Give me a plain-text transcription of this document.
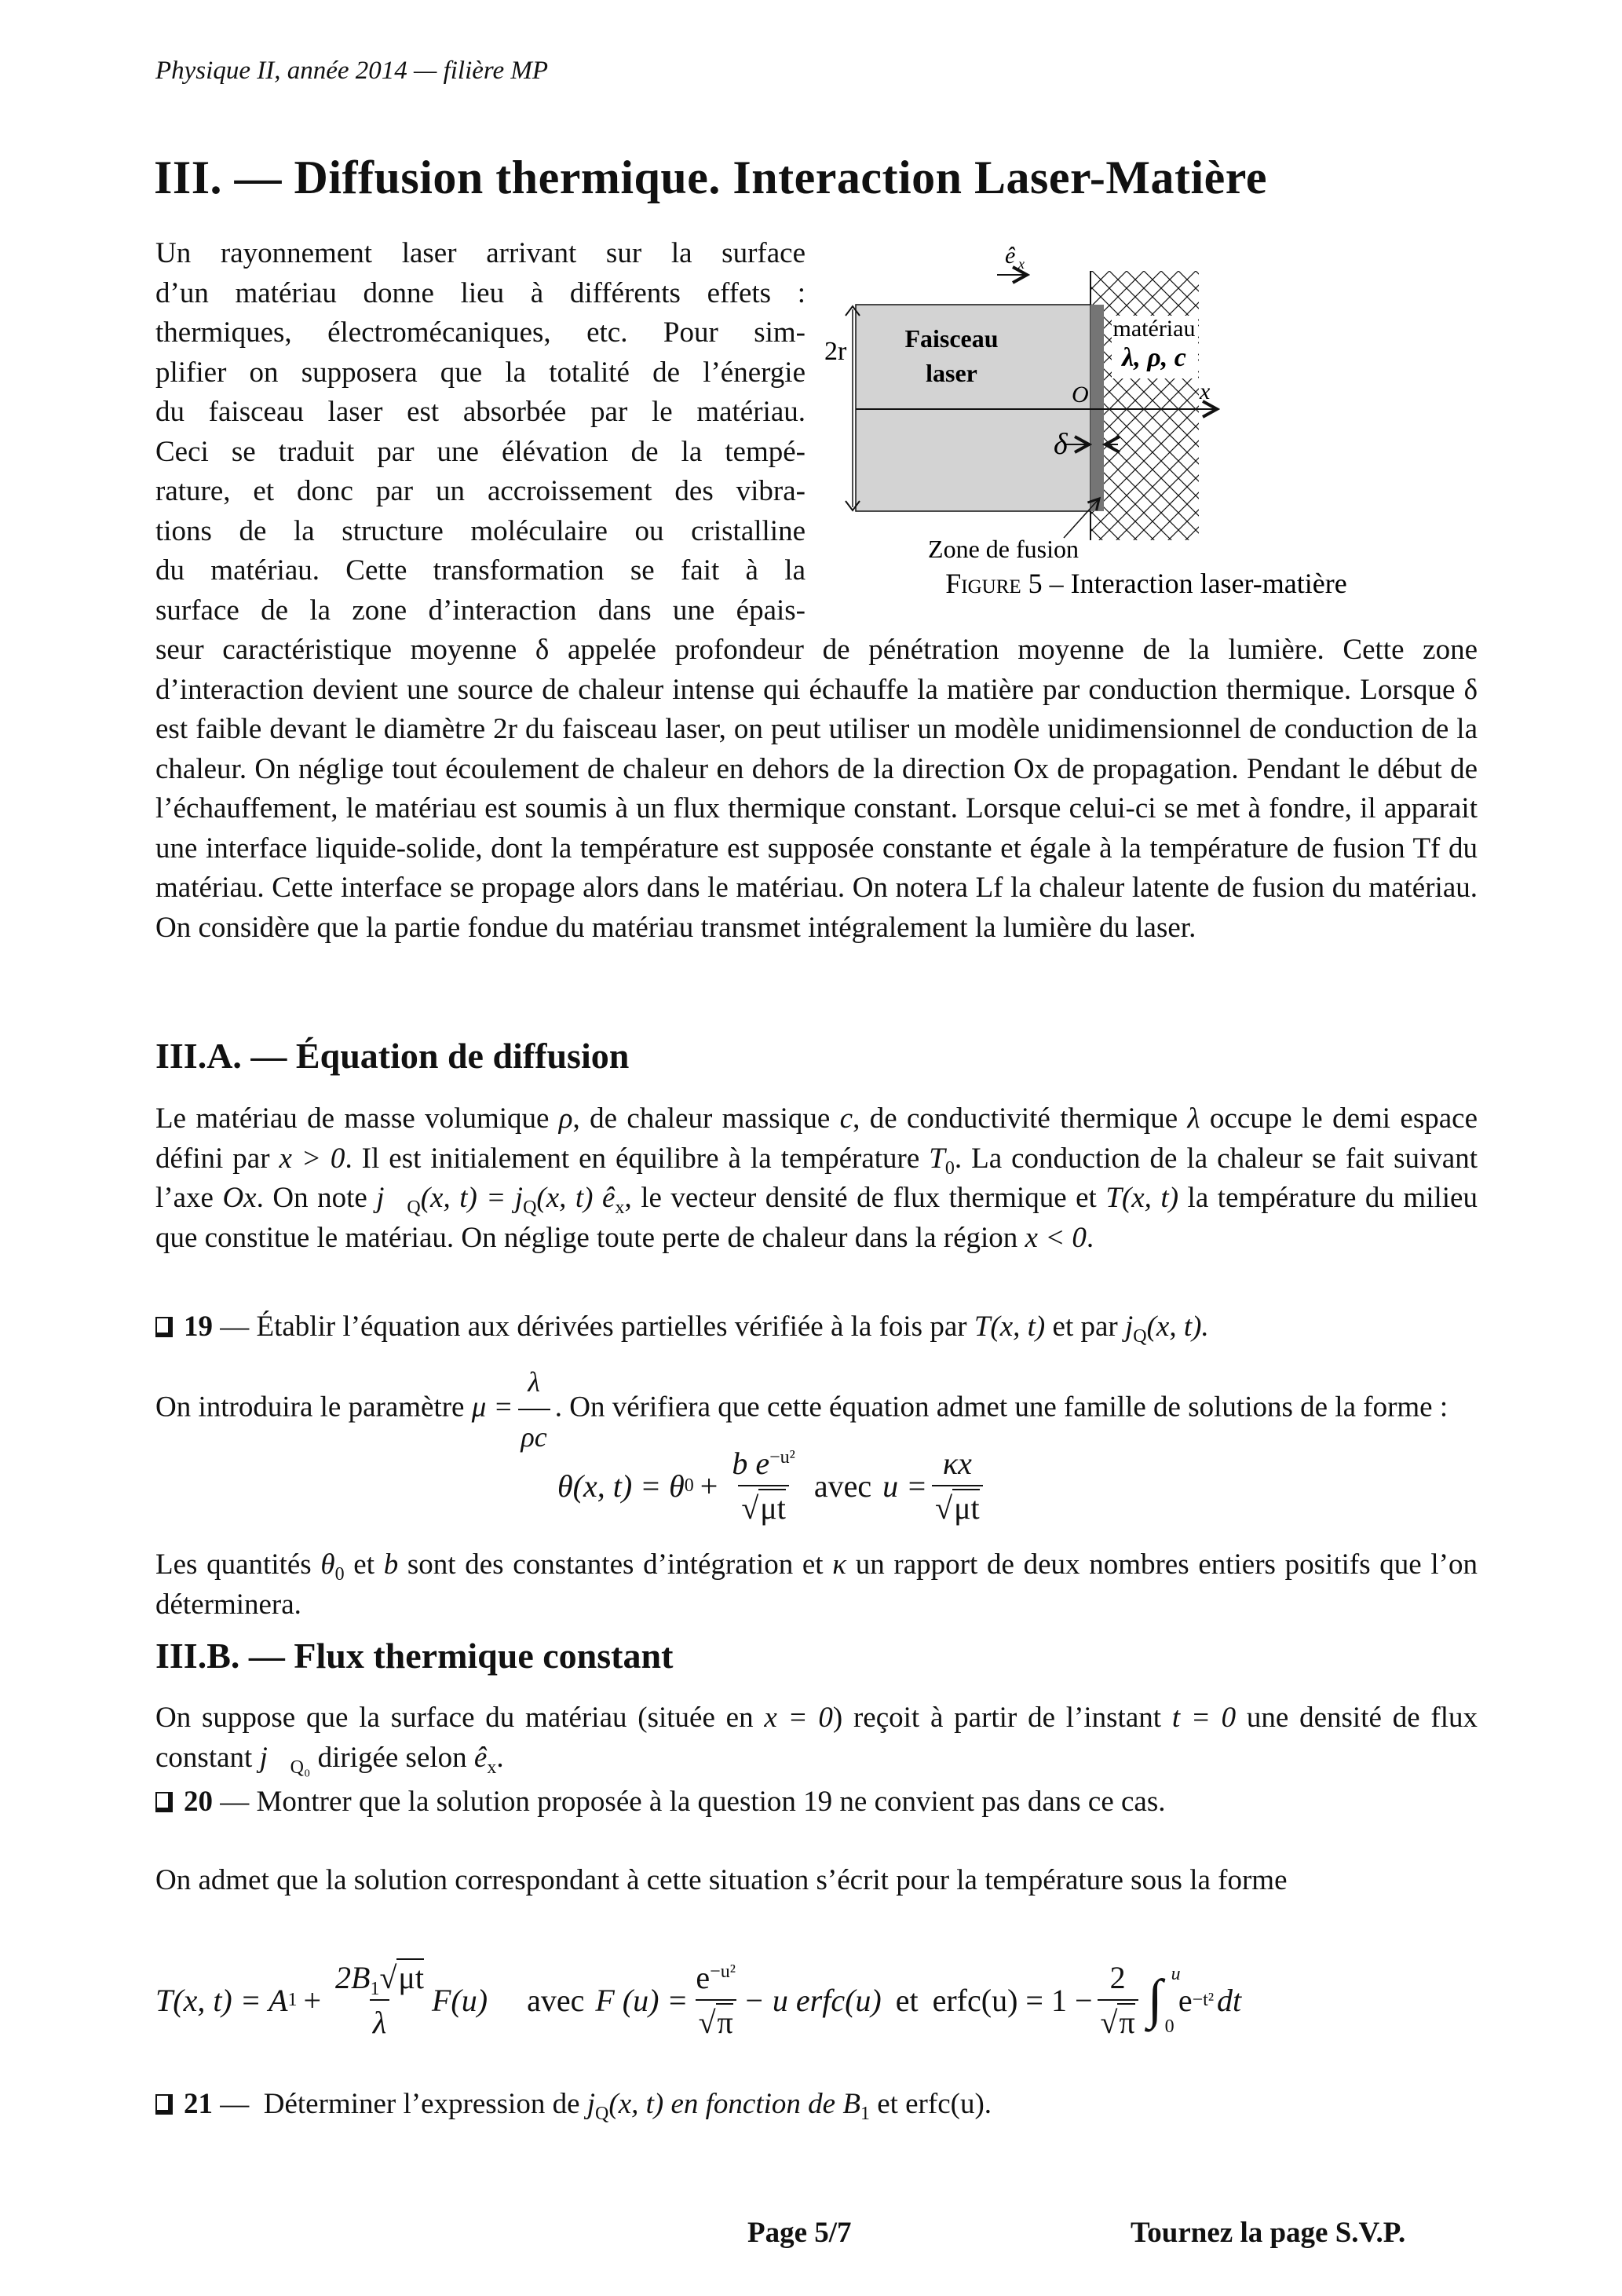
Physique II, année 2014 — filière MP
III. — Diffusion thermique. Interaction Laser-Matière
Un rayonnement laser arrivant sur la surface
d’un matériau donne lieu à différents effets :
thermiques, électromécaniques, etc. Pour sim-
plifier on supposera que la totalité de l’énergie
du faisceau laser est absorbée par le matériau.
Ceci se traduit par une élévation de la tempé-
rature, et donc par un accroissement des vibra-
tions de la structure moléculaire ou cristalline
du matériau. Cette transformation se fait à la
surface de la zone d’interaction dans une épais-
ê x
2r Faisceau
laser
O	x
δ
matériau
λ, ρ, c
Zone de fusion
Figure 5 – Interaction laser-matière
seur caractéristique moyenne δ appelée profondeur de pénétration moyenne de la lumière. Cette zone d’interaction devient une source de chaleur intense qui échauffe la matière par conduction thermique. Lorsque δ est faible devant le diamètre 2r du faisceau laser, on peut utiliser un modèle unidimensionnel de conduction de la chaleur. On néglige tout écoulement de chaleur en dehors de la direction Ox de propagation. Pendant le début de l’échauffement, le matériau est soumis à un flux thermique constant. Lorsque celui-ci se met à fondre, il apparait une interface liquide-solide, dont la température est supposée constante et égale à la température de fusion Tf du matériau. Cette interface se propage alors dans le matériau. On notera Lf la chaleur latente de fusion du matériau. On considère que la partie fondue du matériau transmet intégralement la lumière du laser.
III.A. — Équation de diffusion
Le matériau de masse volumique ρ, de chaleur massique c, de conductivité thermique λ occupe le demi espace défini par x > 0. Il est initialement en équilibre à la température $T_0$. La conduction de la chaleur se fait suivant l’axe Ox. On note $j⃗_Q(x$, $t) = j_Q(x$, t) $ê_x$, le vecteur densité de flux thermique et T(x, t) la température du milieu que constitue le matériau. On néglige toute perte de chaleur dans la région x < 0.
19 — Établir l’équation aux dérivées partielles vérifiée à la fois par T(x, t) et par $j_Q(x$, t).
On introduira le paramètre $\mu = \frac{\lambda}{\rho c}$ . On vérifiera que cette équation admet une famille de solutions de la forme :
θ(x, t) = θ $0 + \frac{b e^{-u^2}}{√\mu t}$ avec $u = \frac{\kappa x}{√\mu t}$
Les quantités $\theta_0$ et b sont des constantes d’intégration et κ un rapport de deux nombres entiers positifs que l’on déterminera.
III.B. — Flux thermique constant
On suppose que la surface du matériau (située en x = 0) reçoit à partir de l’instant t = 0 une densité de flux constant $j⃗_{Q_0}$ dirigée selon $ê_x$.
20 — Montrer que la solution proposée à la question 19 ne convient pas dans ce cas.
On admet que la solution correspondant à cette situation s’écrit pour la température sous la forme
T(x, t) = A $1 + \frac{2B_1√\mu t}{\lambda} F(u)$ avec F $(u) = \frac{e^{-u^2}}{√\pi} - u$ erfc(u) et erfc(u) = $1 - \frac{2}{√\pi}$ ∫ u
0
e −t² dt
21 — Déterminer l’expression de $j_Q(x$, t) en fonction de $B_1$ et erfc(u).
Page 5/7	Tournez la page S.V.P.
